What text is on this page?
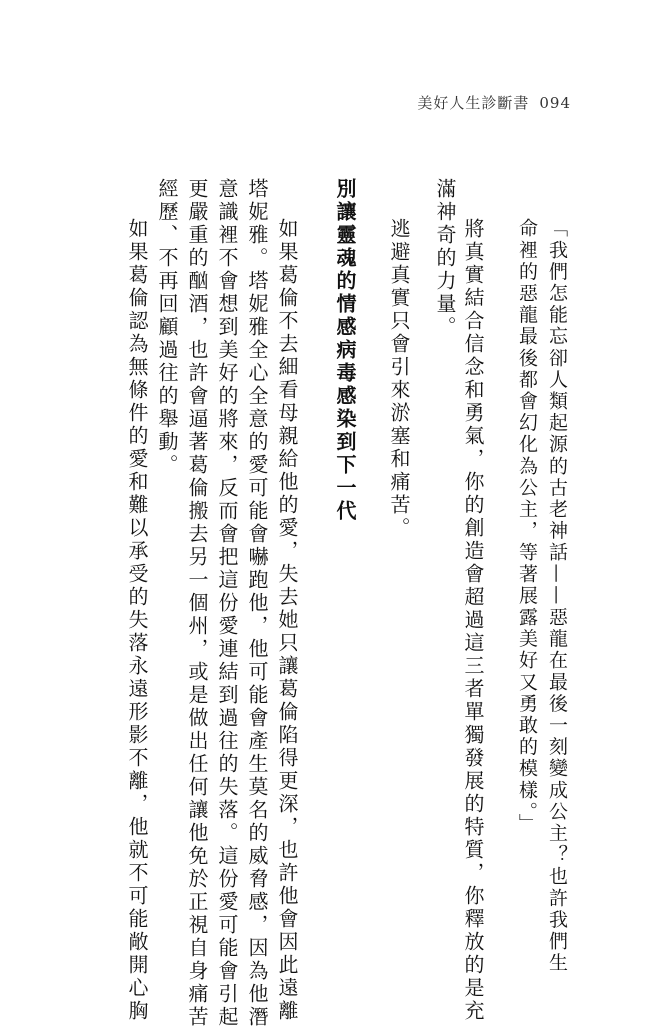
美好人生診斷書 094
「我們怎能忘卻人類起源的古老神話——惡龍在最後一刻變成公主？也許我們生
命裡的惡龍最後都會幻化為公主，等著展露美好又勇敢的模樣。」
將真實結合信念和勇氣，你的創造會超過這三者單獨發展的特質，你釋放的是充
滿神奇的力量。
逃避真實只會引來淤塞和痛苦。
別讓靈魂的情感病毒感染到下一代
如果葛倫不去細看母親給他的愛，失去她只讓葛倫陷得更深，也許他會因此遠離
塔妮雅。塔妮雅全心全意的愛可能會嚇跑他，他可能會產生莫名的威脅感，因為他潛
意識裡不會想到美好的將來，反而會把這份愛連結到過往的失落。這份愛可能會引起
更嚴重的酗酒，也許會逼著葛倫搬去另一個州，或是做出任何讓他免於正視自身痛苦
經歷、不再回顧過往的舉動。
如果葛倫認為無條件的愛和難以承受的失落永遠形影不離，他就不可能敞開心胸
